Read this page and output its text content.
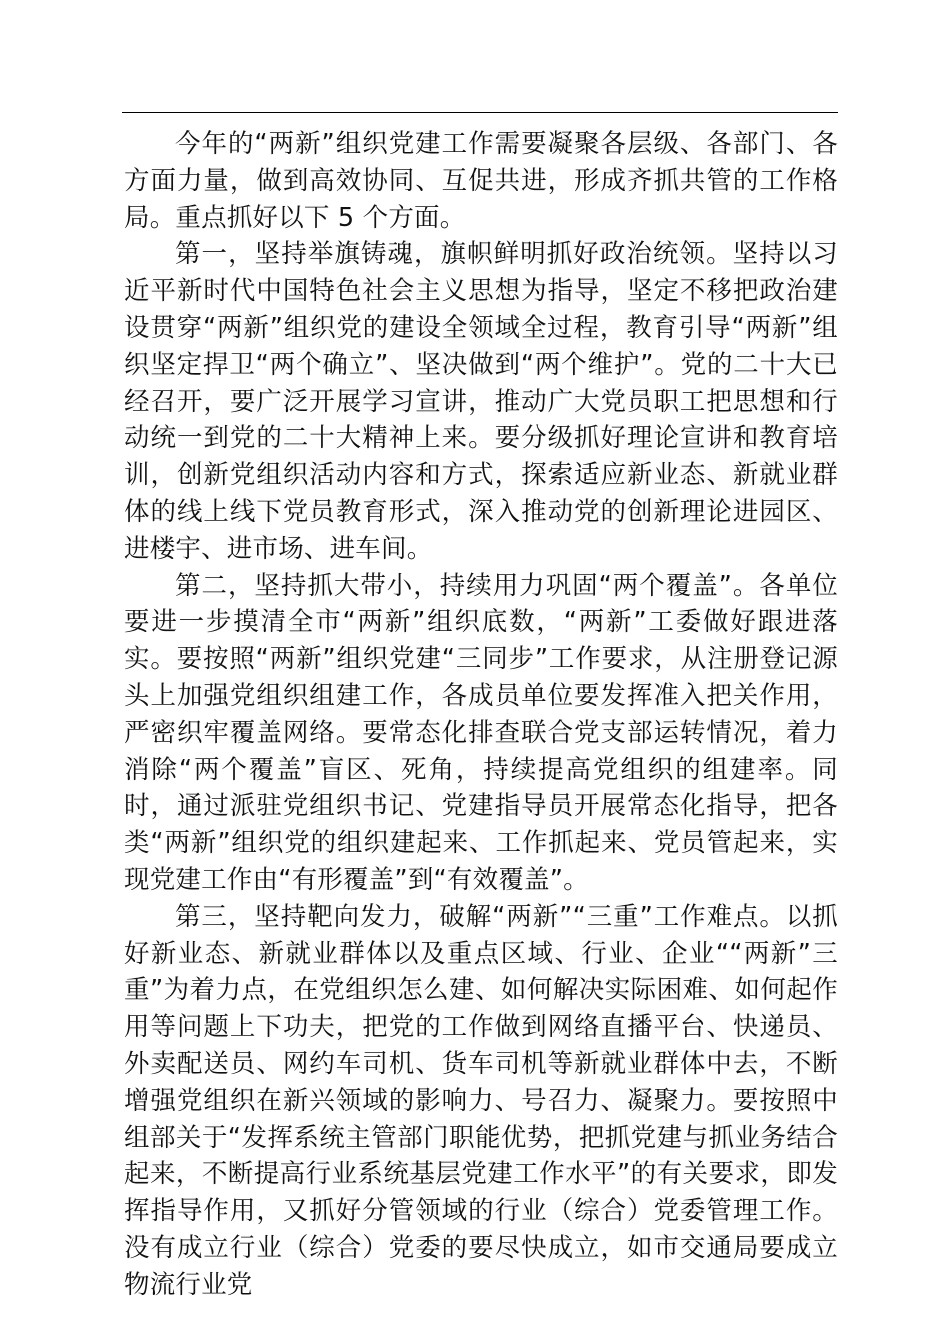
今年的“两新”组织党建工作需要凝聚各层级、各部门、各方面力量，做到高效协同、互促共进，形成齐抓共管的工作格局。重点抓好以下 5 个方面。

第一，坚持举旗铸魂，旗帜鲜明抓好政治统领。坚持以习近平新时代中国特色社会主义思想为指导，坚定不移把政治建设贯穿“两新”组织党的建设全领域全过程，教育引导“两新”组织坚定捍卫“两个确立”、坚决做到“两个维护”。党的二十大已经召开，要广泛开展学习宣讲，推动广大党员职工把思想和行动统一到党的二十大精神上来。要分级抓好理论宣讲和教育培训，创新党组织活动内容和方式，探索适应新业态、新就业群体的线上线下党员教育形式，深入推动党的创新理论进园区、进楼宇、进市场、进车间。

第二，坚持抓大带小，持续用力巩固“两个覆盖”。各单位要进一步摸清全市“两新”组织底数，“两新”工委做好跟进落实。要按照“两新”组织党建“三同步”工作要求，从注册登记源头上加强党组织组建工作，各成员单位要发挥准入把关作用，严密织牢覆盖网络。要常态化排查联合党支部运转情况，着力消除“两个覆盖”盲区、死角，持续提高党组织的组建率。同时，通过派驻党组织书记、党建指导员开展常态化指导，把各类“两新”组织党的组织建起来、工作抓起来、党员管起来，实现党建工作由“有形覆盖”到“有效覆盖”。

第三，坚持靶向发力，破解“两新”“三重”工作难点。以抓好新业态、新就业群体以及重点区域、行业、企业““两新”三重”为着力点，在党组织怎么建、如何解决实际困难、如何起作用等问题上下功夫，把党的工作做到网络直播平台、快递员、外卖配送员、网约车司机、货车司机等新就业群体中去，不断增强党组织在新兴领域的影响力、号召力、凝聚力。要按照中组部关于“发挥系统主管部门职能优势，把抓党建与抓业务结合起来，不断提高行业系统基层党建工作水平”的有关要求，即发挥指导作用，又抓好分管领域的行业（综合）党委管理工作。没有成立行业（综合）党委的要尽快成立，如市交通局要成立物流行业党
